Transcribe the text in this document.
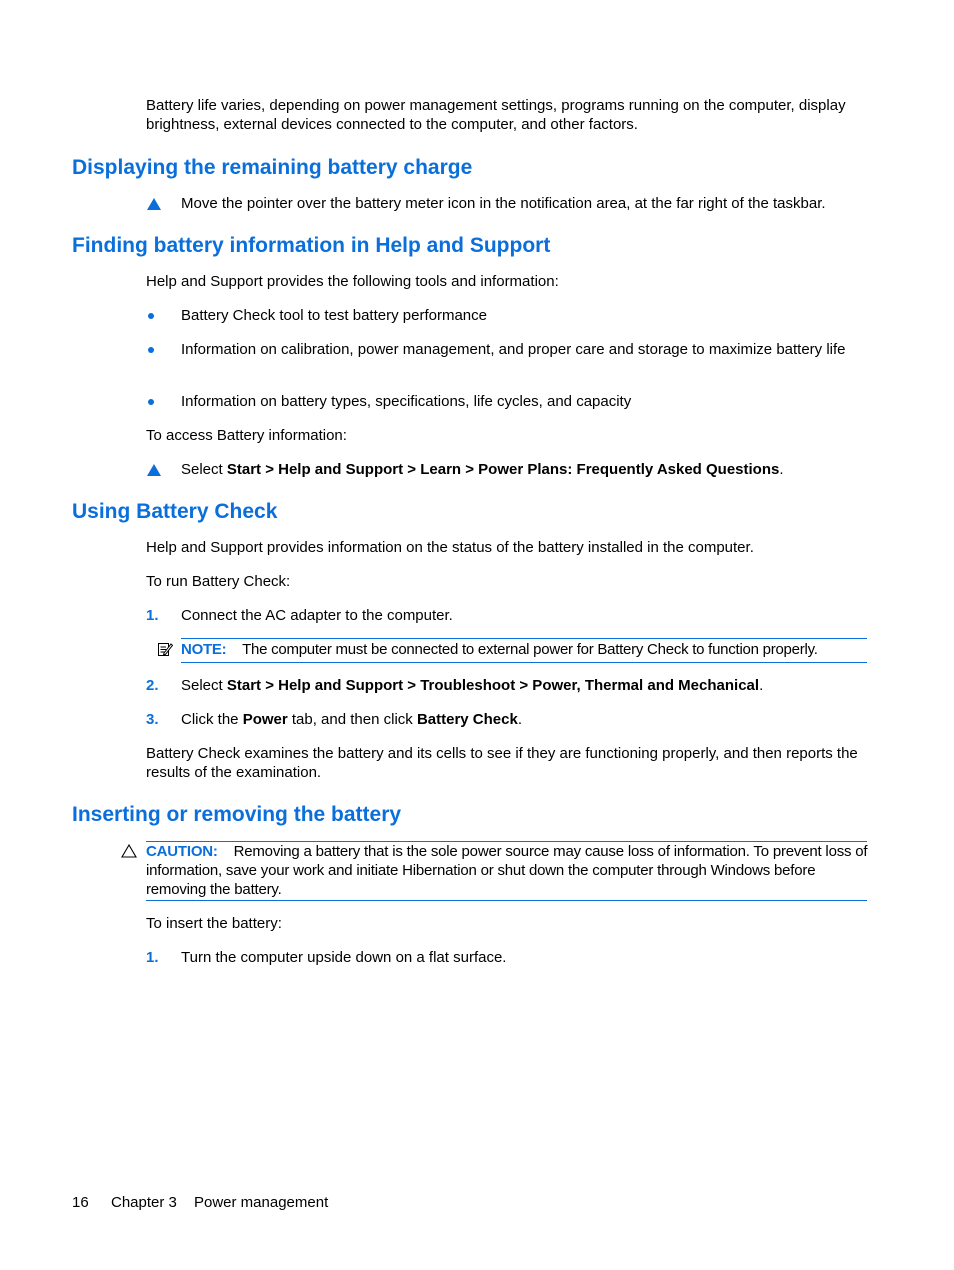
Battery life varies, depending on power management settings, programs running on the computer, display brightness, external devices connected to the computer, and other factors.
Displaying the remaining battery charge
Move the pointer over the battery meter icon in the notification area, at the far right of the taskbar.
Finding battery information in Help and Support
Help and Support provides the following tools and information:
Battery Check tool to test battery performance
Information on calibration, power management, and proper care and storage to maximize battery life
Information on battery types, specifications, life cycles, and capacity
To access Battery information:
Select Start > Help and Support > Learn > Power Plans: Frequently Asked Questions.
Using Battery Check
Help and Support provides information on the status of the battery installed in the computer.
To run Battery Check:
1. Connect the AC adapter to the computer.
NOTE: The computer must be connected to external power for Battery Check to function properly.
2. Select Start > Help and Support > Troubleshoot > Power, Thermal and Mechanical.
3. Click the Power tab, and then click Battery Check.
Battery Check examines the battery and its cells to see if they are functioning properly, and then reports the results of the examination.
Inserting or removing the battery
CAUTION: Removing a battery that is the sole power source may cause loss of information. To prevent loss of information, save your work and initiate Hibernation or shut down the computer through Windows before removing the battery.
To insert the battery:
1. Turn the computer upside down on a flat surface.
16 Chapter 3 Power management
